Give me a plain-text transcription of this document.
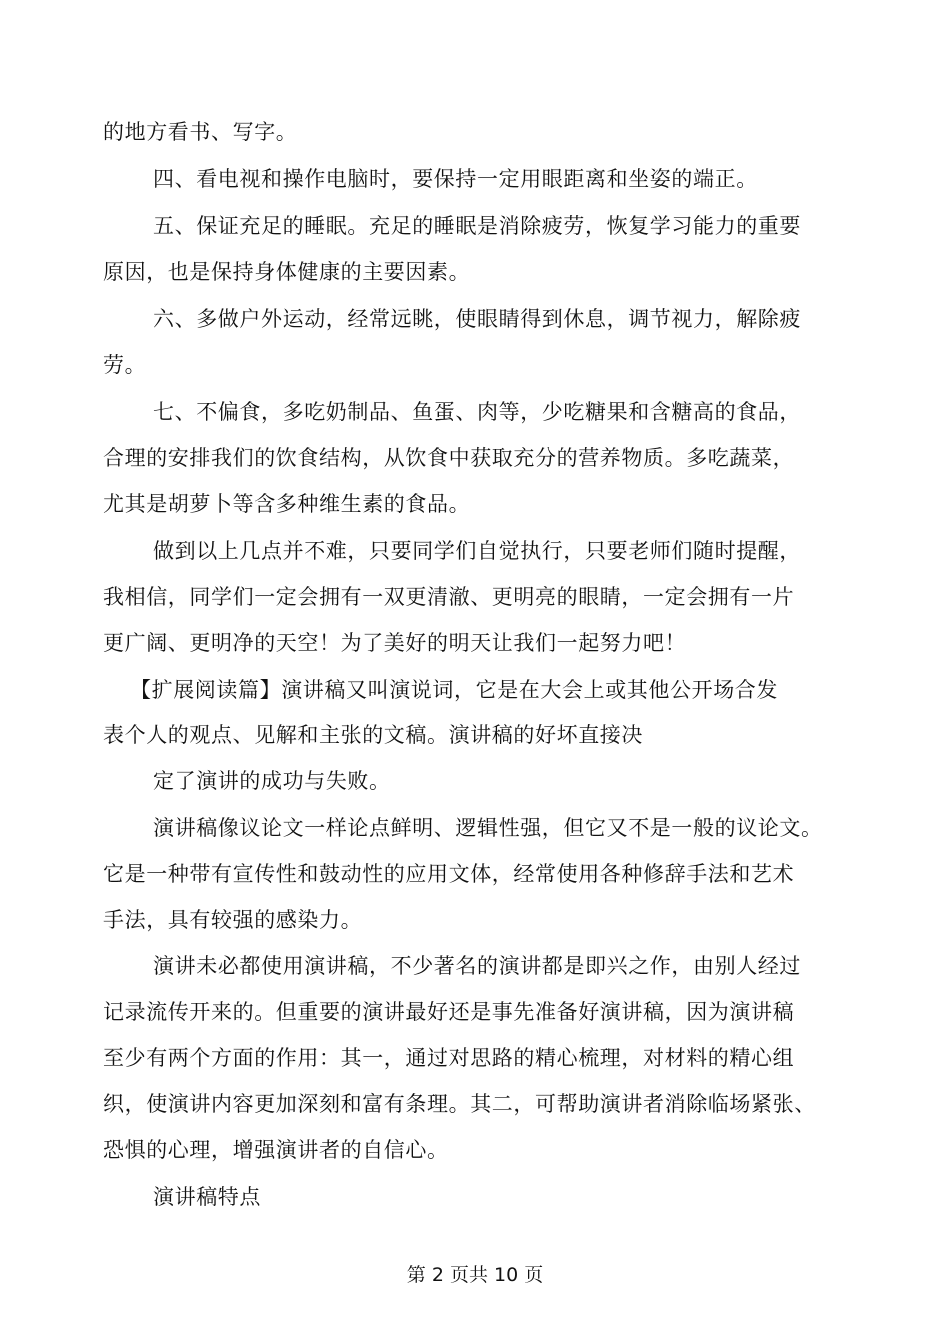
的地方看书、写字。
四、看电视和操作电脑时，要保持一定用眼距离和坐姿的端正。
五、保证充足的睡眠。充足的睡眠是消除疲劳，恢复学习能力的重要
原因，也是保持身体健康的主要因素。
六、多做户外运动，经常远眺，使眼睛得到休息，调节视力，解除疲
劳。
七、不偏食，多吃奶制品、鱼蛋、肉等，少吃糖果和含糖高的食品，
合理的安排我们的饮食结构，从饮食中获取充分的营养物质。多吃蔬菜，
尤其是胡萝卜等含多种维生素的食品。
做到以上几点并不难，只要同学们自觉执行，只要老师们随时提醒，
我相信，同学们一定会拥有一双更清澈、更明亮的眼睛，一定会拥有一片
更广阔、更明净的天空！为了美好的明天让我们一起努力吧！
【扩展阅读篇】演讲稿又叫演说词，它是在大会上或其他公开场合发
表个人的观点、见解和主张的文稿。演讲稿的好坏直接决
定了演讲的成功与失败。
演讲稿像议论文一样论点鲜明、逻辑性强，但它又不是一般的议论文。
它是一种带有宣传性和鼓动性的应用文体，经常使用各种修辞手法和艺术
手法，具有较强的感染力。
演讲未必都使用演讲稿，不少著名的演讲都是即兴之作，由别人经过
记录流传开来的。但重要的演讲最好还是事先准备好演讲稿，因为演讲稿
至少有两个方面的作用：其一，通过对思路的精心梳理，对材料的精心组
织，使演讲内容更加深刻和富有条理。其二，可帮助演讲者消除临场紧张、
恐惧的心理，增强演讲者的自信心。
演讲稿特点
第 2 页共 10 页
